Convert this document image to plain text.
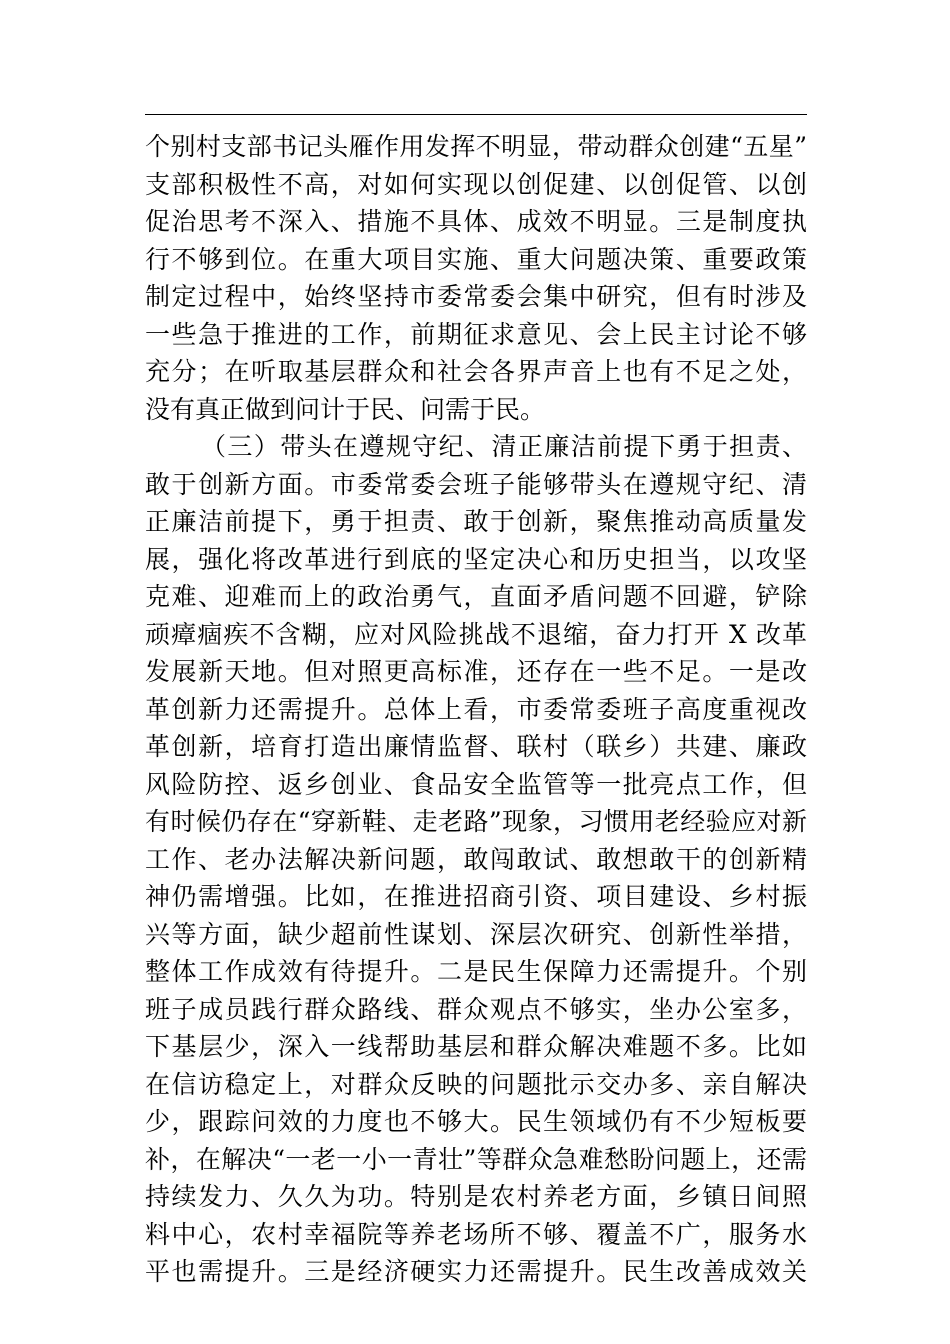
个别村支部书记头雁作用发挥不明显，带动群众创建“五星”
支部积极性不高，对如何实现以创促建、以创促管、以创
促治思考不深入、措施不具体、成效不明显。三是制度执
行不够到位。在重大项目实施、重大问题决策、重要政策
制定过程中，始终坚持市委常委会集中研究，但有时涉及
一些急于推进的工作，前期征求意见、会上民主讨论不够
充分；在听取基层群众和社会各界声音上也有不足之处，
没有真正做到问计于民、问需于民。
（三）带头在遵规守纪、清正廉洁前提下勇于担责、
敢于创新方面。市委常委会班子能够带头在遵规守纪、清
正廉洁前提下，勇于担责、敢于创新，聚焦推动高质量发
展，强化将改革进行到底的坚定决心和历史担当，以攻坚
克难、迎难而上的政治勇气，直面矛盾问题不回避，铲除
顽瘴痼疾不含糊，应对风险挑战不退缩，奋力打开 X 改革
发展新天地。但对照更高标准，还存在一些不足。一是改
革创新力还需提升。总体上看，市委常委班子高度重视改
革创新，培育打造出廉情监督、联村（联乡）共建、廉政
风险防控、返乡创业、食品安全监管等一批亮点工作，但
有时候仍存在“穿新鞋、走老路”现象，习惯用老经验应对新
工作、老办法解决新问题，敢闯敢试、敢想敢干的创新精
神仍需增强。比如，在推进招商引资、项目建设、乡村振
兴等方面，缺少超前性谋划、深层次研究、创新性举措，
整体工作成效有待提升。二是民生保障力还需提升。个别
班子成员践行群众路线、群众观点不够实，坐办公室多，
下基层少，深入一线帮助基层和群众解决难题不多。比如
在信访稳定上，对群众反映的问题批示交办多、亲自解决
少，跟踪问效的力度也不够大。民生领域仍有不少短板要
补，在解决“一老一小一青壮”等群众急难愁盼问题上，还需
持续发力、久久为功。特别是农村养老方面，乡镇日间照
料中心，农村幸福院等养老场所不够、覆盖不广，服务水
平也需提升。三是经济硬实力还需提升。民生改善成效关
